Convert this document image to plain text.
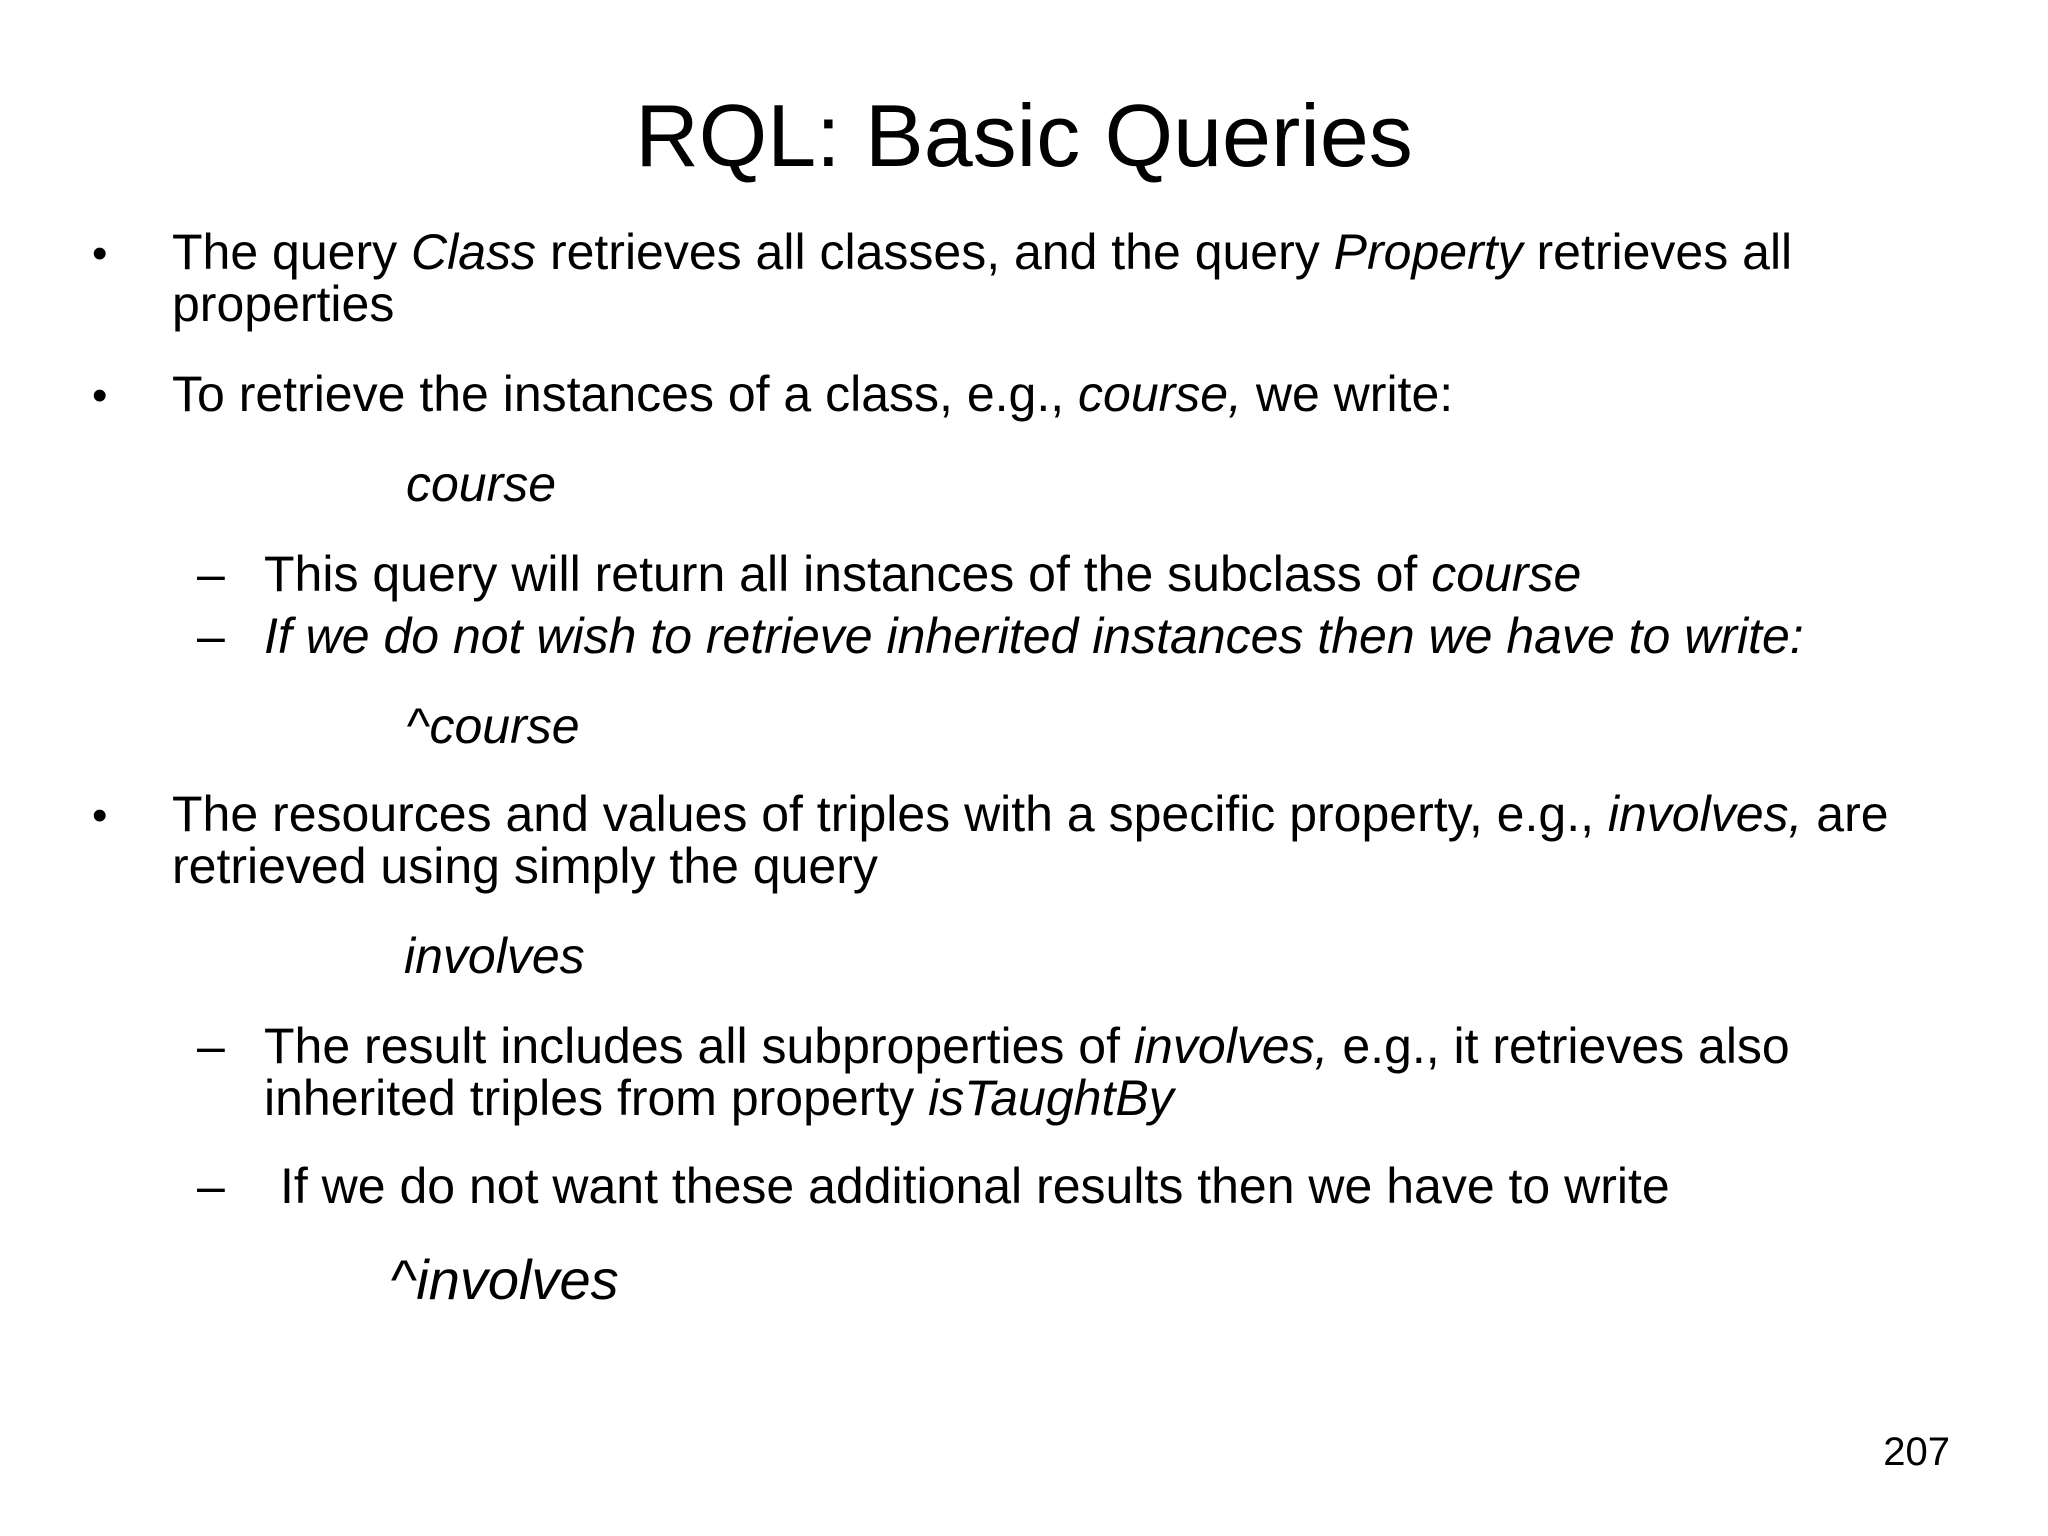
RQL: Basic Queries
• The query Class retrieves all classes, and the query Property retrieves all
properties
• To retrieve the instances of a class, e.g., course, we write:
course
– This query will return all instances of the subclass of course
– If we do not wish to retrieve inherited instances then we have to write:
^course
• The resources and values of triples with a specific property, e.g., involves, are
retrieved using simply the query
involves
– The result includes all subproperties of involves, e.g., it retrieves also
inherited triples from property isTaughtBy
– If we do not want these additional results then we have to write
^involves
207
